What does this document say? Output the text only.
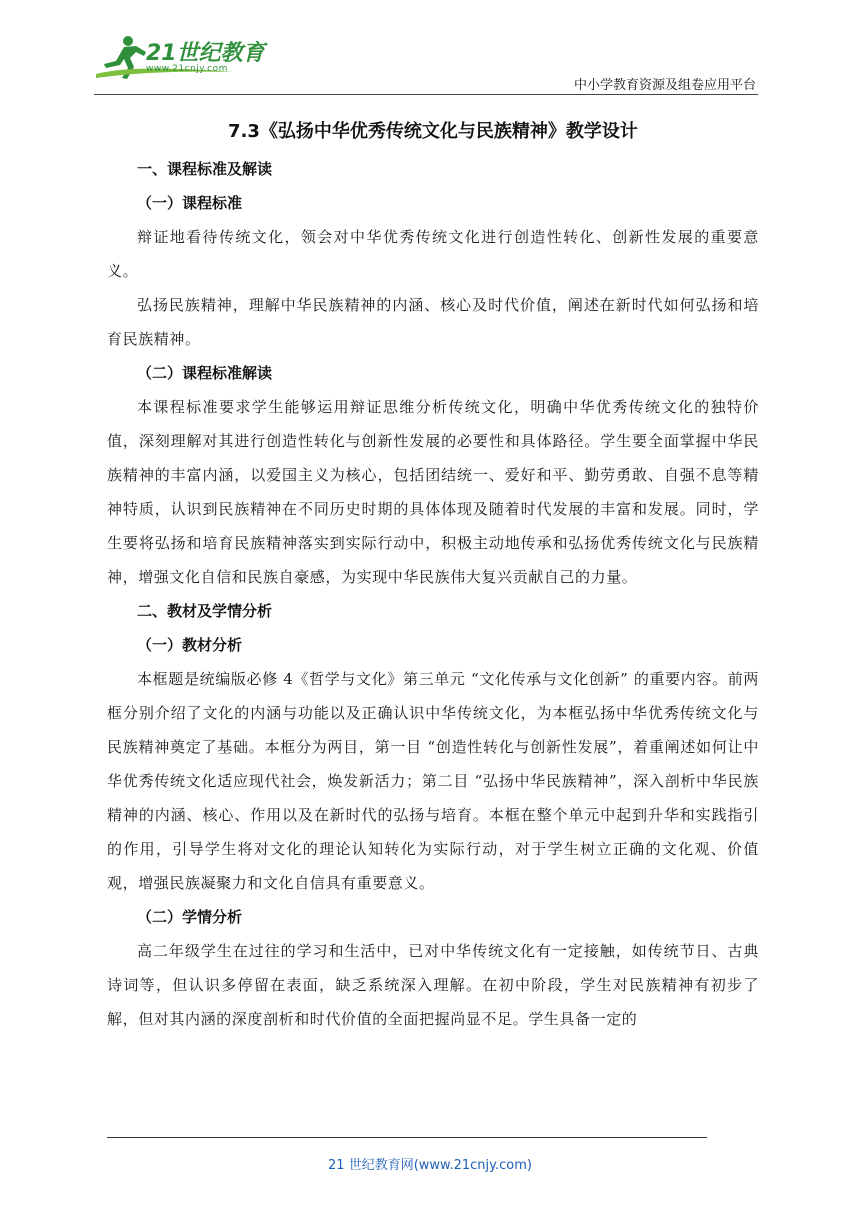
21世纪教育
www.21cnjy.com
中小学教育资源及组卷应用平台
7.3《弘扬中华优秀传统文化与民族精神》教学设计
一、课程标准及解读
（一）课程标准

辩证地看待传统文化，领会对中华优秀传统文化进行创造性转化、创新性发展的重要意义。

弘扬民族精神，理解中华民族精神的内涵、核心及时代价值，阐述在新时代如何弘扬和培育民族精神。

（二）课程标准解读

本课程标准要求学生能够运用辩证思维分析传统文化，明确中华优秀传统文化的独特价值，深刻理解对其进行创造性转化与创新性发展的必要性和具体路径。学生要全面掌握中华民族精神的丰富内涵，以爱国主义为核心，包括团结统一、爱好和平、勤劳勇敢、自强不息等精神特质，认识到民族精神在不同历史时期的具体体现及随着时代发展的丰富和发展。同时，学生要将弘扬和培育民族精神落实到实际行动中，积极主动地传承和弘扬优秀传统文化与民族精神，增强文化自信和民族自豪感，为实现中华民族伟大复兴贡献自己的力量。

二、教材及学情分析
（一）教材分析

本框题是统编版必修 4《哲学与文化》第三单元 “文化传承与文化创新” 的重要内容。前两框分别介绍了文化的内涵与功能以及正确认识中华传统文化，为本框弘扬中华优秀传统文化与民族精神奠定了基础。本框分为两目，第一目 “创造性转化与创新性发展”，着重阐述如何让中华优秀传统文化适应现代社会，焕发新活力；第二目 “弘扬中华民族精神”，深入剖析中华民族精神的内涵、核心、作用以及在新时代的弘扬与培育。本框在整个单元中起到升华和实践指引的作用，引导学生将对文化的理论认知转化为实际行动，对于学生树立正确的文化观、价值观，增强民族凝聚力和文化自信具有重要意义。

（二）学情分析

高二年级学生在过往的学习和生活中，已对中华传统文化有一定接触，如传统节日、古典诗词等，但认识多停留在表面，缺乏系统深入理解。在初中阶段，学生对民族精神有初步了解，但对其内涵的深度剖析和时代价值的全面把握尚显不足。学生具备一定的

21 世纪教育网(www.21cnjy.com)
